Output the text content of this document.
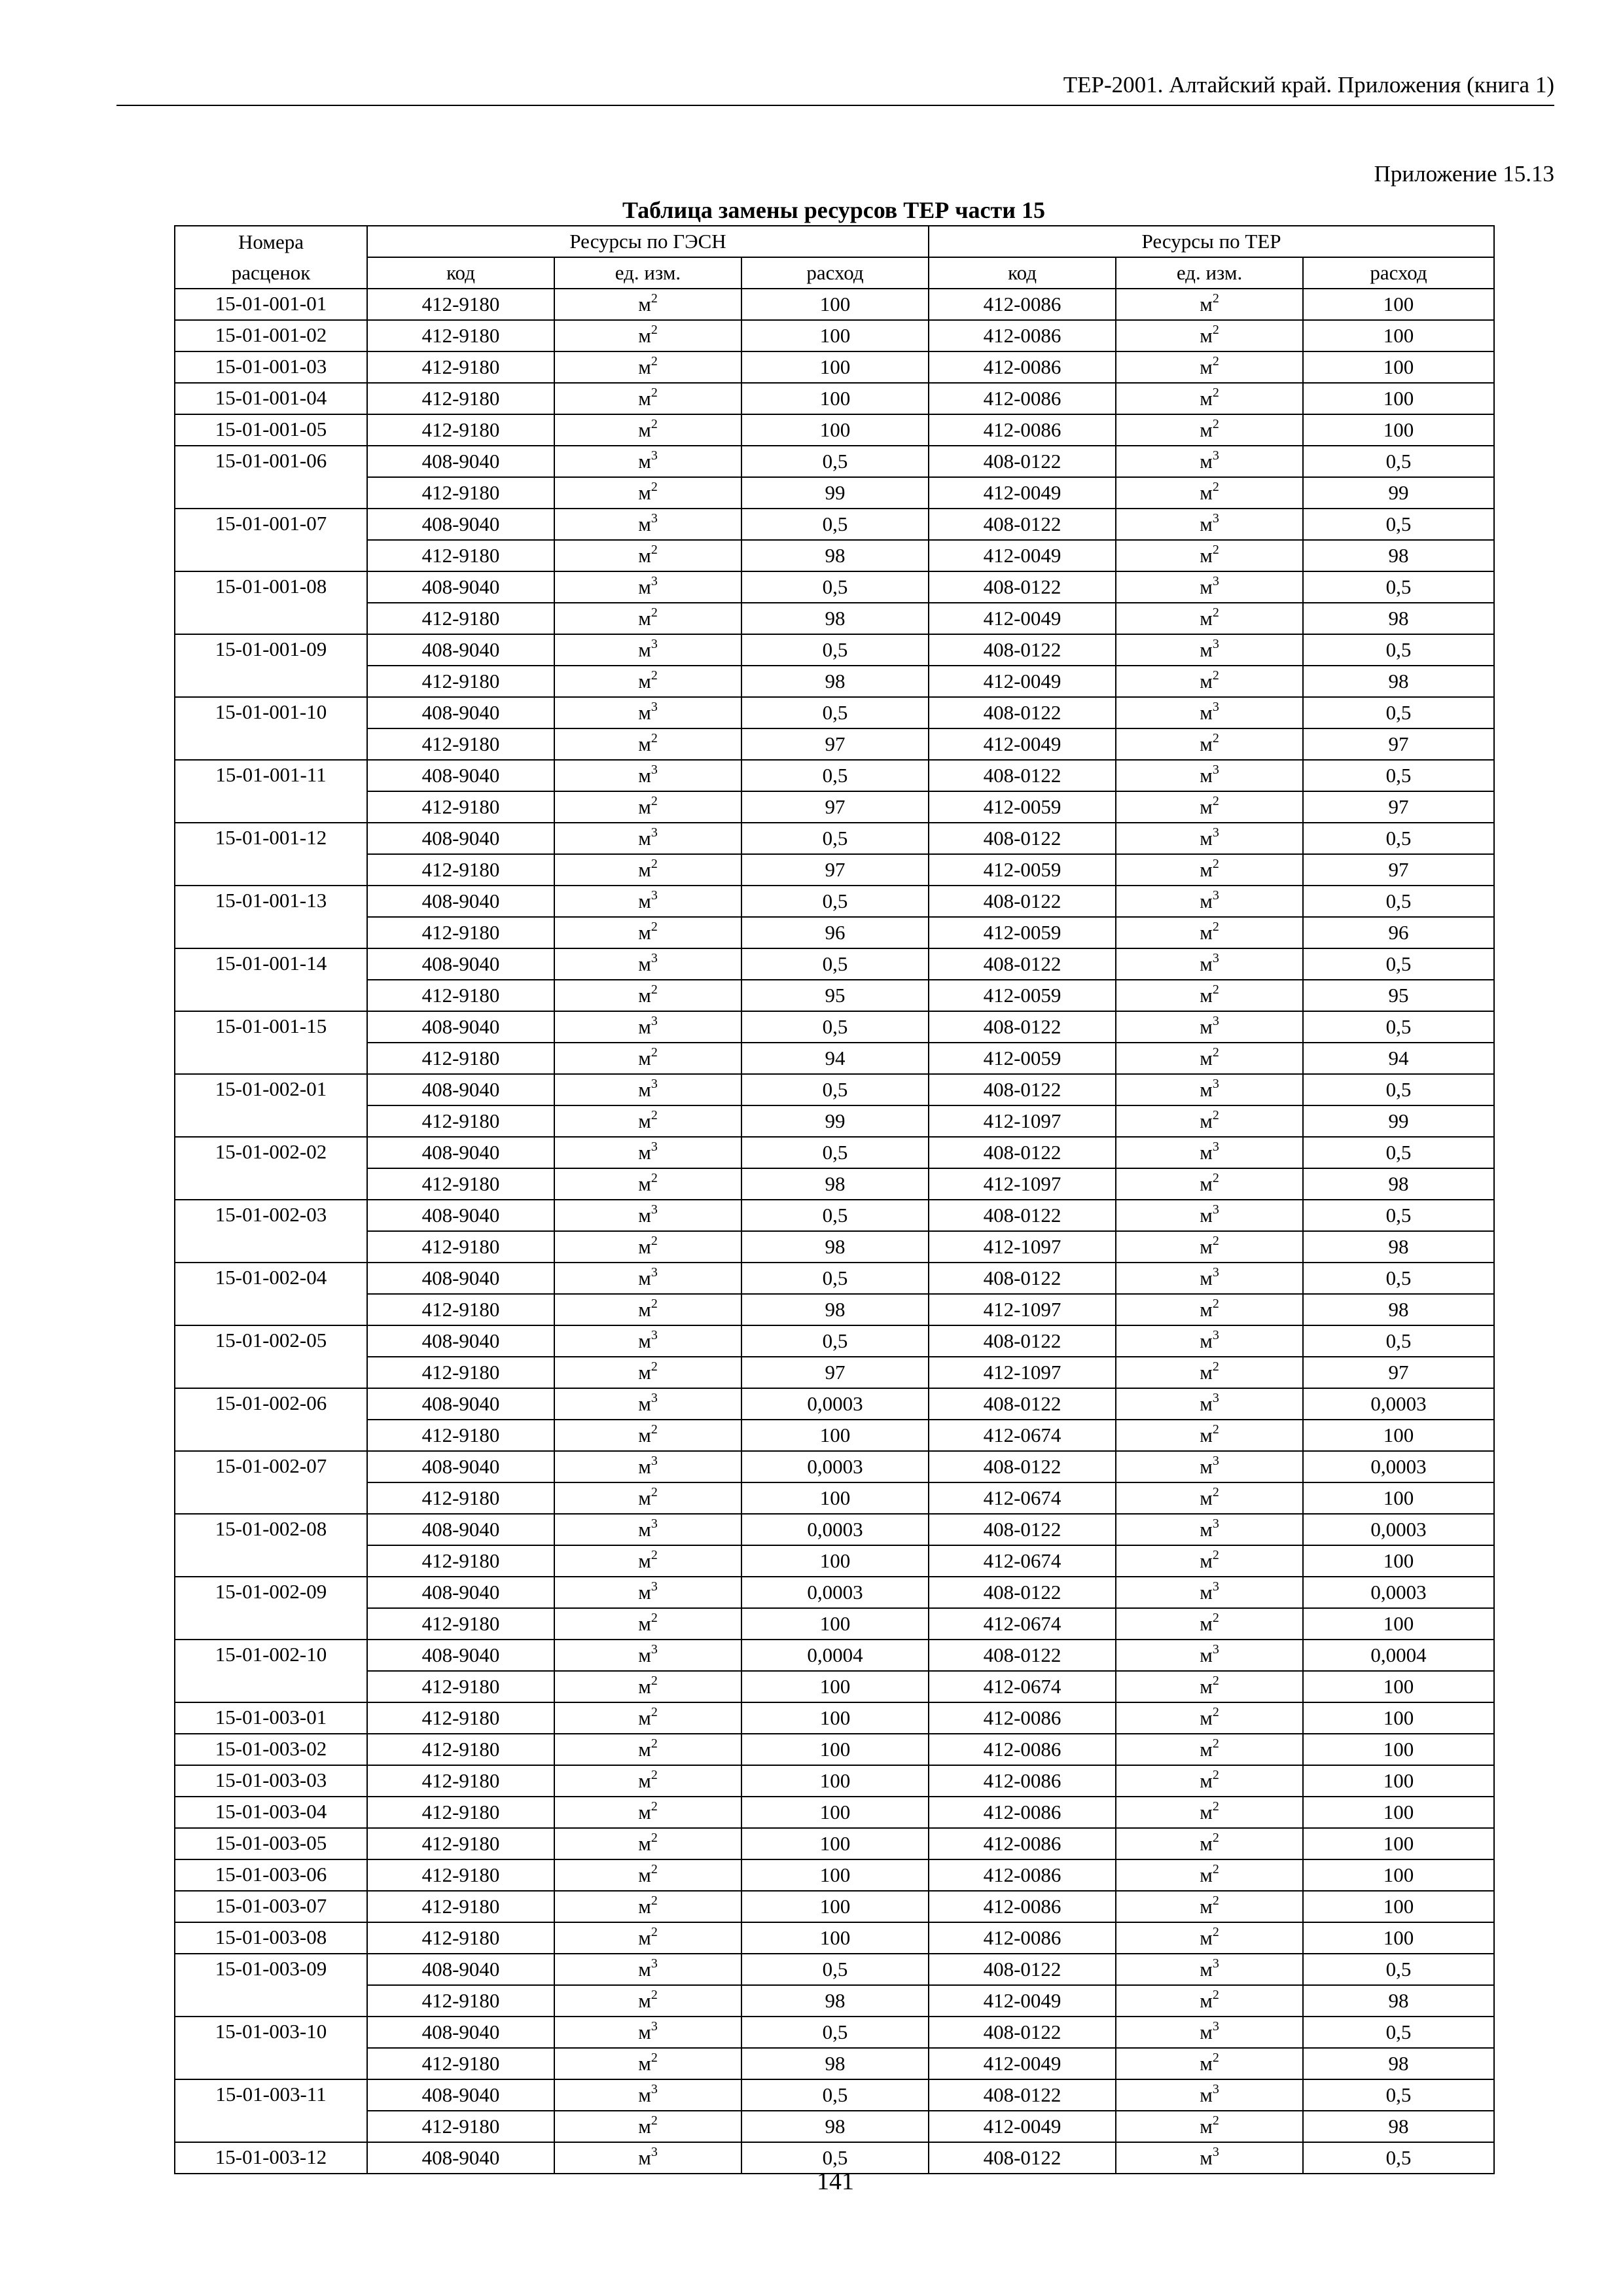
ТЕР-2001. Алтайский край. Приложения (книга 1)
Приложение 15.13
Таблица замены ресурсов ТЕР части 15
Номера	Ресурсы по ГЭСН			Ресурсы по ТЕР		
расценок	код	ед. изм.	расход	код	ед. изм.	расход
15-01-001-01	412-9180	$м^2$	100	412-0086	$м^2$	100
15-01-001-02	412-9180	$м^2$	100	412-0086	$м^2$	100
15-01-001-03	412-9180	$м^2$	100	412-0086	$м^2$	100
15-01-001-04	412-9180	$м^2$	100	412-0086	$м^2$	100
15-01-001-05	412-9180	$м^2$	100	412-0086	$м^2$	100
15-01-001-06	408-9040	$м^3$	0,5	408-0122	$м^3$	0,5
	412-9180	$м^2$	99	412-0049	$м^2$	99
15-01-001-07	408-9040	$м^3$	0,5	408-0122	$м^3$	0,5
	412-9180	$м^2$	98	412-0049	$м^2$	98
15-01-001-08	408-9040	$м^3$	0,5	408-0122	$м^3$	0,5
	412-9180	$м^2$	98	412-0049	$м^2$	98
15-01-001-09	408-9040	$м^3$	0,5	408-0122	$м^3$	0,5
	412-9180	$м^2$	98	412-0049	$м^2$	98
15-01-001-10	408-9040	$м^3$	0,5	408-0122	$м^3$	0,5
	412-9180	$м^2$	97	412-0049	$м^2$	97
15-01-001-11	408-9040	$м^3$	0,5	408-0122	$м^3$	0,5
	412-9180	$м^2$	97	412-0059	$м^2$	97
15-01-001-12	408-9040	$м^3$	0,5	408-0122	$м^3$	0,5
	412-9180	$м^2$	97	412-0059	$м^2$	97
15-01-001-13	408-9040	$м^3$	0,5	408-0122	$м^3$	0,5
	412-9180	$м^2$	96	412-0059	$м^2$	96
15-01-001-14	408-9040	$м^3$	0,5	408-0122	$м^3$	0,5
	412-9180	$м^2$	95	412-0059	$м^2$	95
15-01-001-15	408-9040	$м^3$	0,5	408-0122	$м^3$	0,5
	412-9180	$м^2$	94	412-0059	$м^2$	94
15-01-002-01	408-9040	$м^3$	0,5	408-0122	$м^3$	0,5
	412-9180	$м^2$	99	412-1097	$м^2$	99
15-01-002-02	408-9040	$м^3$	0,5	408-0122	$м^3$	0,5
	412-9180	$м^2$	98	412-1097	$м^2$	98
15-01-002-03	408-9040	$м^3$	0,5	408-0122	$м^3$	0,5
	412-9180	$м^2$	98	412-1097	$м^2$	98
15-01-002-04	408-9040	$м^3$	0,5	408-0122	$м^3$	0,5
	412-9180	$м^2$	98	412-1097	$м^2$	98
15-01-002-05	408-9040	$м^3$	0,5	408-0122	$м^3$	0,5
	412-9180	$м^2$	97	412-1097	$м^2$	97
15-01-002-06	408-9040	$м^3$	0,0003	408-0122	$м^3$	0,0003
	412-9180	$м^2$	100	412-0674	$м^2$	100
15-01-002-07	408-9040	$м^3$	0,0003	408-0122	$м^3$	0,0003
	412-9180	$м^2$	100	412-0674	$м^2$	100
15-01-002-08	408-9040	$м^3$	0,0003	408-0122	$м^3$	0,0003
	412-9180	$м^2$	100	412-0674	$м^2$	100
15-01-002-09	408-9040	$м^3$	0,0003	408-0122	$м^3$	0,0003
	412-9180	$м^2$	100	412-0674	$м^2$	100
15-01-002-10	408-9040	$м^3$	0,0004	408-0122	$м^3$	0,0004
	412-9180	$м^2$	100	412-0674	$м^2$	100
15-01-003-01	412-9180	$м^2$	100	412-0086	$м^2$	100
15-01-003-02	412-9180	$м^2$	100	412-0086	$м^2$	100
15-01-003-03	412-9180	$м^2$	100	412-0086	$м^2$	100
15-01-003-04	412-9180	$м^2$	100	412-0086	$м^2$	100
15-01-003-05	412-9180	$м^2$	100	412-0086	$м^2$	100
15-01-003-06	412-9180	$м^2$	100	412-0086	$м^2$	100
15-01-003-07	412-9180	$м^2$	100	412-0086	$м^2$	100
15-01-003-08	412-9180	$м^2$	100	412-0086	$м^2$	100
15-01-003-09	408-9040	$м^3$	0,5	408-0122	$м^3$	0,5
	412-9180	$м^2$	98	412-0049	$м^2$	98
15-01-003-10	408-9040	$м^3$	0,5	408-0122	$м^3$	0,5
	412-9180	$м^2$	98	412-0049	$м^2$	98
15-01-003-11	408-9040	$м^3$	0,5	408-0122	$м^3$	0,5
	412-9180	$м^2$	98	412-0049	$м^2$	98
15-01-003-12	408-9040	$м^3$	0,5	408-0122	$м^3$	0,5
141
